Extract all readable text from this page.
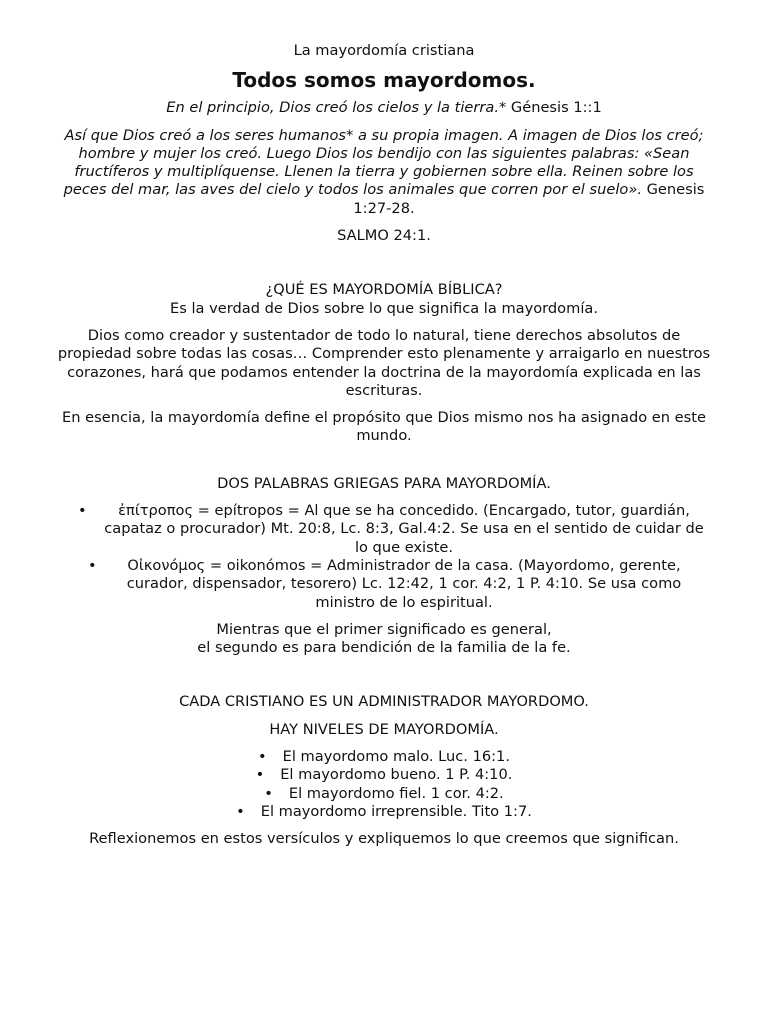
La mayordomía cristiana
Todos somos mayordomos.
En el principio, Dios creó los cielos y la tierra.* Génesis 1::1
Así que Dios creó a los seres humanos* a su propia imagen. A imagen de Dios los creó; hombre y mujer los creó. Luego Dios los bendijo con las siguientes palabras: «Sean fructíferos y multiplíquense. Llenen la tierra y gobiernen sobre ella. Reinen sobre los peces del mar, las aves del cielo y todos los animales que corren por el suelo». Genesis 1:27-28.
SALMO 24:1.
¿QUÉ ES MAYORDOMÍA BÍBLICA?
Es la verdad de Dios sobre lo que significa la mayordomía.
Dios como creador y sustentador de todo lo natural, tiene derechos absolutos de propiedad sobre todas las cosas… Comprender esto plenamente y arraigarlo en nuestros corazones, hará que podamos entender la doctrina de la mayordomía explicada en las escrituras.
En esencia, la mayordomía define el propósito que Dios mismo nos ha asignado en este mundo.
DOS PALABRAS GRIEGAS PARA MAYORDOMÍA.
• ἐπίτροπος = epítropos = Al que se ha concedido. (Encargado, tutor, guardián, capataz o procurador) Mt. 20:8, Lc. 8:3, Gal.4:2. Se usa en el sentido de cuidar de lo que existe.
• Οἰκονόμος = oikonómos = Administrador de la casa. (Mayordomo, gerente, curador, dispensador, tesorero) Lc. 12:42, 1 cor. 4:2, 1 P. 4:10. Se usa como ministro de lo espiritual.
Mientras que el primer significado es general,
el segundo es para bendición de la familia de la fe.
CADA CRISTIANO ES UN ADMINISTRADOR MAYORDOMO.
HAY NIVELES DE MAYORDOMÍA.
• El mayordomo malo. Luc. 16:1.
• El mayordomo bueno. 1 P. 4:10.
• El mayordomo fiel. 1 cor. 4:2.
• El mayordomo irreprensible. Tito 1:7.
Reflexionemos en estos versículos y expliquemos lo que creemos que significan.
